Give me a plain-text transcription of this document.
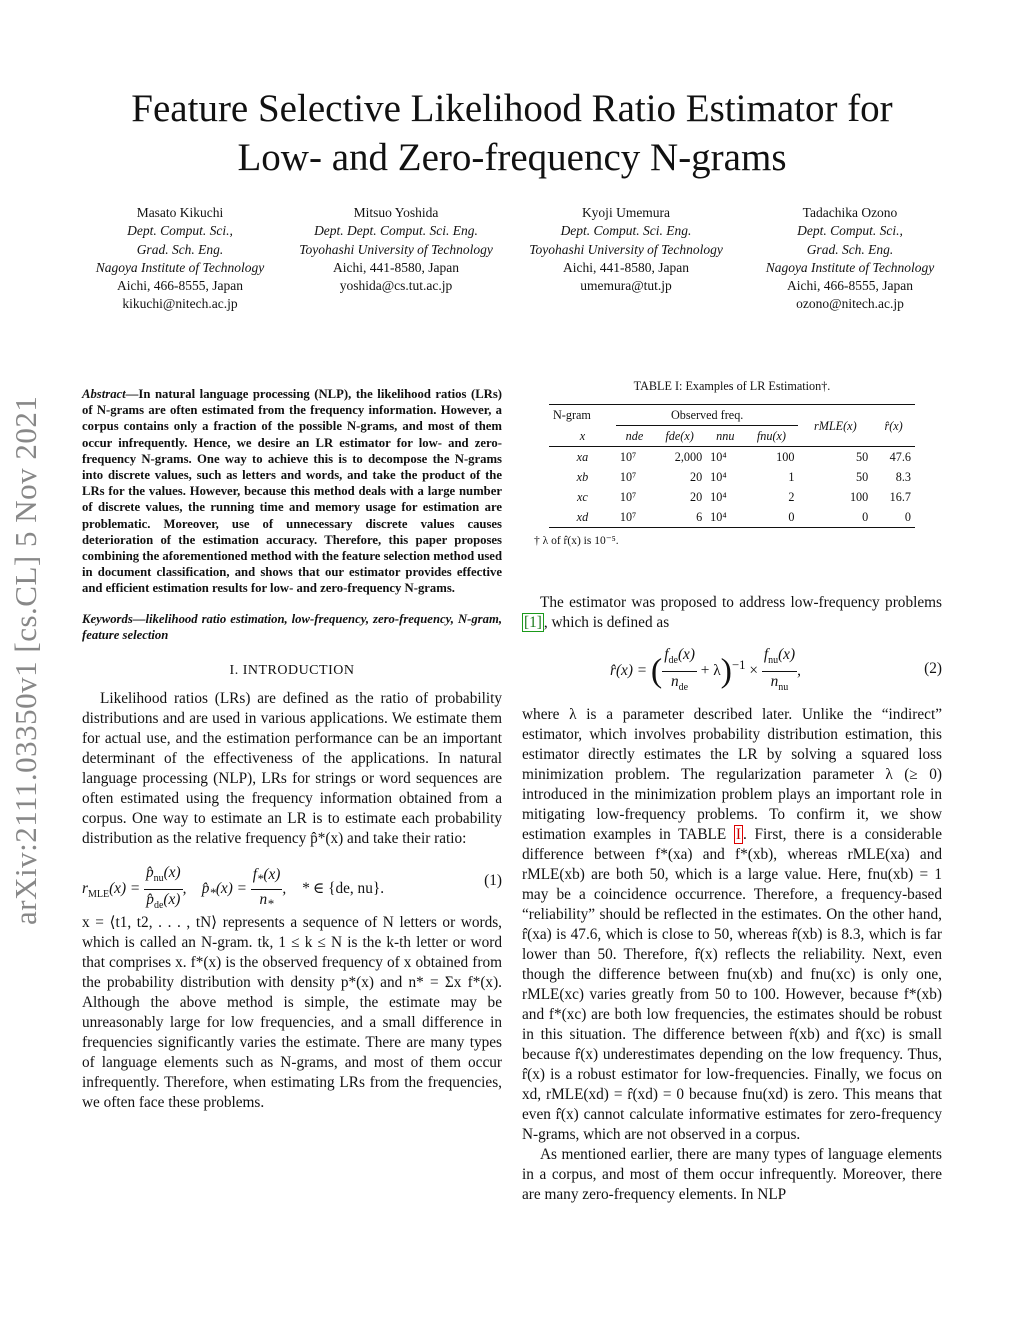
Feature Selective Likelihood Ratio Estimator for
Low- and Zero-frequency N-grams
Masato Kikuchi
Dept. Comput. Sci.,
Grad. Sch. Eng.
Nagoya Institute of Technology
Aichi, 466-8555, Japan
kikuchi@nitech.ac.jp
Mitsuo Yoshida
Dept. Dept. Comput. Sci. Eng.
Toyohashi University of Technology
Aichi, 441-8580, Japan
yoshida@cs.tut.ac.jp
Kyoji Umemura
Dept. Comput. Sci. Eng.
Toyohashi University of Technology
Aichi, 441-8580, Japan
umemura@tut.jp
Tadachika Ozono
Dept. Comput. Sci.,
Grad. Sch. Eng.
Nagoya Institute of Technology
Aichi, 466-8555, Japan
ozono@nitech.ac.jp
arXiv:2111.03350v1 [cs.CL] 5 Nov 2021
Abstract—In natural language processing (NLP), the likelihood ratios (LRs) of N-grams are often estimated from the frequency information. However, a corpus contains only a fraction of the possible N-grams, and most of them occur infrequently. Hence, we desire an LR estimator for low- and zero-frequency N-grams. One way to achieve this is to decompose the N-grams into discrete values, such as letters and words, and take the product of the LRs for the values. However, because this method deals with a large number of discrete values, the running time and memory usage for estimation are problematic. Moreover, use of unnecessary discrete values causes deterioration of the estimation accuracy. Therefore, this paper proposes combining the aforementioned method with the feature selection method used in document classification, and shows that our estimator provides effective and efficient estimation results for low- and zero-frequency N-grams.
Keywords—likelihood ratio estimation, low-frequency, zero-frequency, N-gram, feature selection
I. INTRODUCTION

Likelihood ratios (LRs) are defined as the ratio of probability distributions and are used in various applications. We estimate them for actual use, and the estimation performance can be an important determinant of the effectiveness of the applications. In natural language processing (NLP), LRs for strings or word sequences are often estimated using the frequency information obtained from a corpus. One way to estimate an LR is to estimate each probability distribution as the relative frequency p̂*(x) and take their ratio:

$r_{MLE}(x) = \frac{p̂_{nu}(x)}{p̂_{de}(x)}$ ,    $p̂_*(x) = \frac{f_*(x)}{n_*}$ ,    * ∈ {de, nu}.	(1)

x = ⟨t1, t2, . . . , tN⟩ represents a sequence of N letters or words, which is called an N-gram. tk, 1 ≤ k ≤ N is the k-th letter or word that comprises x. f*(x) is the observed frequency of x obtained from the probability distribution with density p*(x) and n* = Σx f*(x). Although the above method is simple, the estimate may be unreasonably large for low frequencies, and a small difference in frequencies significantly varies the estimate. There are many types of language elements such as N-grams, and most of them occur infrequently. Therefore, when estimating LRs from the frequencies, we often face these problems.

TABLE I: Examples of LR Estimation†.
N-gram	Observed freq.				rMLE(x)	r̂(x)
x	nde	fde(x)	nnu	fnu(x)		
xa	10⁷	2,000	10⁴	100	50	47.6
xb	10⁷	20	10⁴	1	50	8.3
xc	10⁷	20	10⁴	2	100	16.7
xd	10⁷	6	10⁴	0	0	0
† λ of r̂(x) is 10⁻⁵.

The estimator was proposed to address low-frequency problems [1] , which is defined as

r̂(x) = ( $\frac{f_{de}(x)}{n_{de}} + \lambda)^{-1} \times \frac{f_{nu}(x)}{n_{nu}}$ ,	(2)

where λ is a parameter described later. Unlike the “indirect” estimator, which involves probability distribution estimation, this estimator directly estimates the LR by solving a squared loss minimization problem. The regularization parameter λ (≥ 0) introduced in the minimization problem plays an important role in mitigating low-frequency problems. To confirm it, we show estimation examples in TABLE I . First, there is a considerable difference between f*(xa) and f*(xb), whereas rMLE(xa) and rMLE(xb) are both 50, which is a large value. Here, fnu(xb) = 1 may be a coincidence occurrence. Therefore, a frequency-based “reliability” should be reflected in the estimates. On the other hand, r̂(xa) is 47.6, which is close to 50, whereas r̂(xb) is 8.3, which is far lower than 50. Therefore, r̂(x) reflects the reliability. Next, even though the difference between fnu(xb) and fnu(xc) is only one, rMLE(xc) varies greatly from 50 to 100. However, because f*(xb) and f*(xc) are both low frequencies, the estimates should be robust in this situation. The difference between r̂(xb) and r̂(xc) is small because r̂(x) underestimates depending on the low frequency. Thus, r̂(x) is a robust estimator for low-frequencies. Finally, we focus on xd, rMLE(xd) = r̂(xd) = 0 because fnu(xd) is zero. This means that even r̂(x) cannot calculate informative estimates for zero-frequency N-grams, which are not observed in a corpus.

As mentioned earlier, there are many types of language elements in a corpus, and most of them occur infrequently. Moreover, there are many zero-frequency elements. In NLP
